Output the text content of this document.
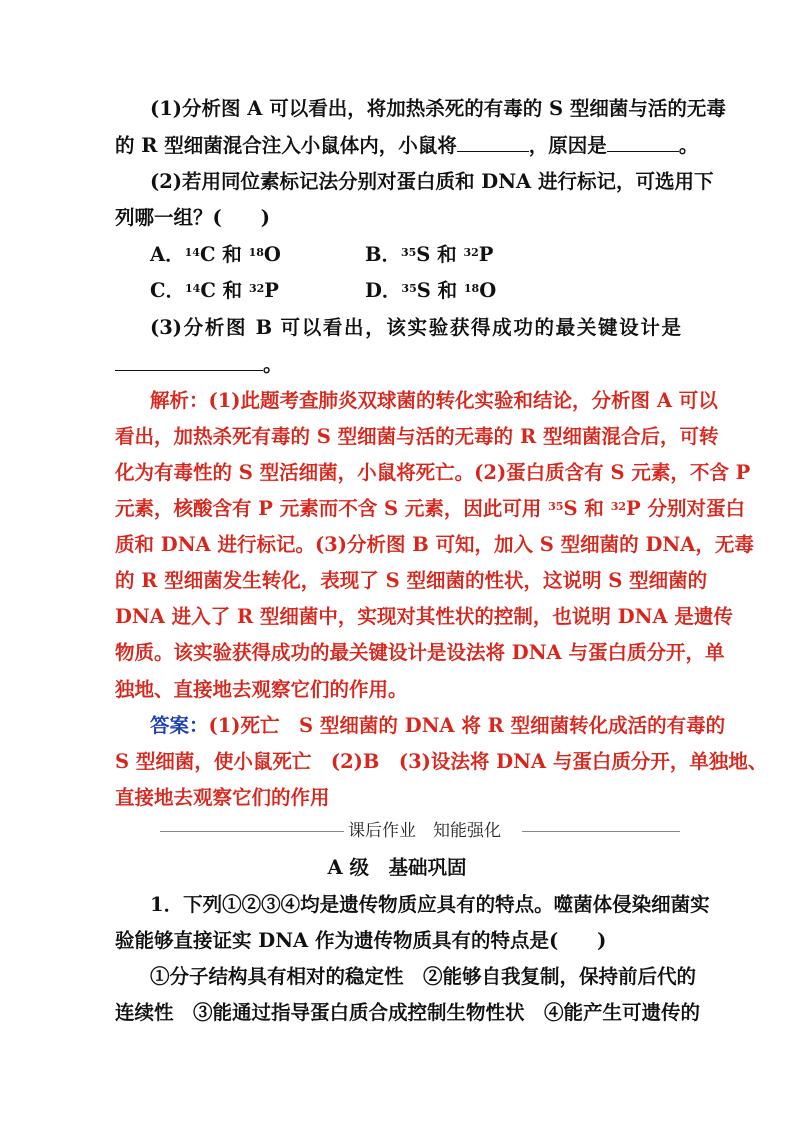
(1)分析图 A 可以看出，将加热杀死的有毒的 S 型细菌与活的无毒
的 R 型细菌混合注入小鼠体内，小鼠将	，原因是	。
(2)若用同位素标记法分别对蛋白质和 DNA 进行标记，可选用下
列哪一组？(　　)
A．$^{14}$C 和 $^{18}$O	B．$^{35}$S 和 $^{32}$P
C．$^{14}$C 和 $^{32}$P	D．$^{35}$S 和 $^{18}$O
(3)分析图 B 可以看出，该实验获得成功的最关键设计是
。
解析：(1)此题考查肺炎双球菌的转化实验和结论，分析图 A 可以
看出，加热杀死有毒的 S 型细菌与活的无毒的 R 型细菌混合后，可转
化为有毒性的 S 型活细菌，小鼠将死亡。(2)蛋白质含有 S 元素，不含 P
元素，核酸含有 P 元素而不含 S 元素，因此可用 $^{35}$S 和 $^{32}$P 分别对蛋白
质和 DNA 进行标记。(3)分析图 B 可知，加入 S 型细菌的 DNA，无毒
的 R 型细菌发生转化，表现了 S 型细菌的性状，这说明 S 型细菌的
DNA 进入了 R 型细菌中，实现对其性状的控制，也说明 DNA 是遗传
物质。该实验获得成功的最关键设计是设法将 DNA 与蛋白质分开，单
独地、直接地去观察它们的作用。
答案：(1)死亡　S 型细菌的 DNA 将 R 型细菌转化成活的有毒的
S 型细菌，使小鼠死亡　(2)B　(3)设法将 DNA 与蛋白质分开，单独地、
直接地去观察它们的作用
课后作业　知能强化
A 级　基础巩固
1．下列①②③④均是遗传物质应具有的特点。噬菌体侵染细菌实
验能够直接证实 DNA 作为遗传物质具有的特点是(　　)
①分子结构具有相对的稳定性　②能够自我复制，保持前后代的
连续性　③能通过指导蛋白质合成控制生物性状　④能产生可遗传的
